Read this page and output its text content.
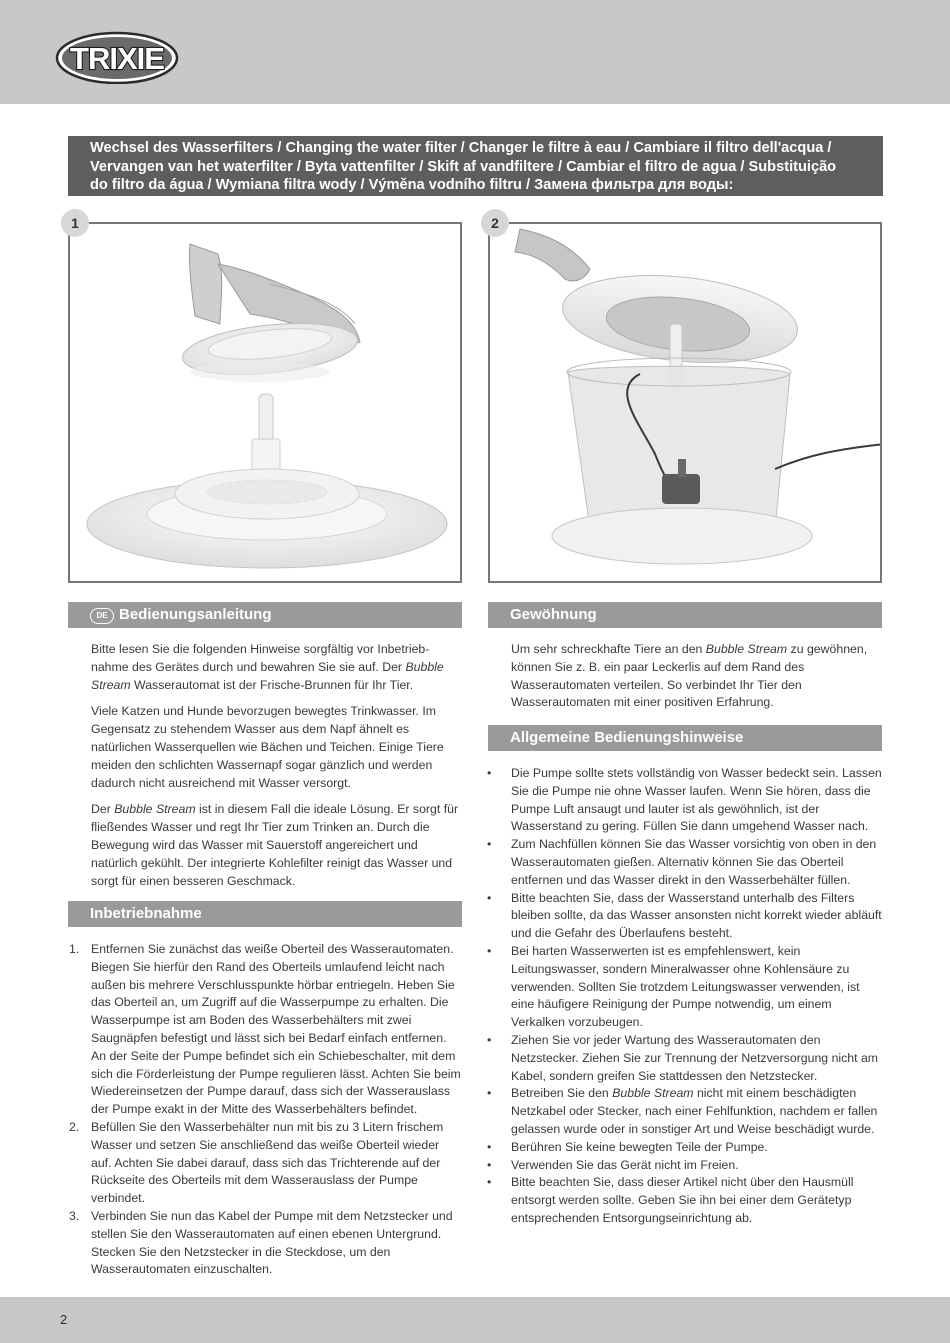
TRIXIE
Wechsel des Wasserfilters / Changing the water filter / Changer le filtre à eau / Cambiare il filtro dell'acqua /
Vervangen van het waterfilter / Byta vattenfilter / Skift af vandfiltere / Cambiar el filtro de agua / Substituição
do filtro da água / Wymiana filtra wody / Výměna vodního filtru / Замена фильтра для воды:
1	2
DE Bedienungsanleitung

Bitte lesen Sie die folgenden Hinweise sorgfältig vor Inbetrieb-
nahme des Gerätes durch und bewahren Sie sie auf. Der Bubble
Stream Wasserautomat ist der Frische-Brunnen für Ihr Tier.

Viele Katzen und Hunde bevorzugen bewegtes Trinkwasser. Im Gegensatz zu stehendem Wasser aus dem Napf ähnelt es natürlichen Wasserquellen wie Bächen und Teichen. Einige Tiere meiden den schlichten Wassernapf sogar gänzlich und werden dadurch nicht ausreichend mit Wasser versorgt.

Der Bubble Stream ist in diesem Fall die ideale Lösung. Er sorgt für fließendes Wasser und regt Ihr Tier zum Trinken an. Durch die Bewegung wird das Wasser mit Sauerstoff angereichert und natürlich gekühlt. Der integrierte Kohlefilter reinigt das Wasser und sorgt für einen besseren Geschmack.

Inbetriebnahme
1. Entfernen Sie zunächst das weiße Oberteil des Wasserautomaten. Biegen Sie hierfür den Rand des Oberteils umlaufend leicht nach außen bis mehrere Verschlusspunkte hörbar entriegeln. Heben Sie das Oberteil an, um Zugriff auf die Wasserpumpe zu erhalten. Die Wasserpumpe ist am Boden des Wasserbehälters mit zwei Saugnäpfen befestigt und lässt sich bei Bedarf einfach entfernen. An der Seite der Pumpe befindet sich ein Schiebeschalter, mit dem sich die Förderleistung der Pumpe regulieren lässt. Achten Sie beim Wiedereinsetzen der Pumpe darauf, dass sich der Wasserauslass der Pumpe exakt in der Mitte des Wasserbehälters befindet.
2. Befüllen Sie den Wasserbehälter nun mit bis zu 3 Litern frischem Wasser und setzen Sie anschließend das weiße Oberteil wieder auf. Achten Sie dabei darauf, dass sich das Trichterende auf der Rückseite des Oberteils mit dem Wasserauslass der Pumpe verbindet.
3. Verbinden Sie nun das Kabel der Pumpe mit dem Netzstecker und stellen Sie den Wasserautomaten auf einen ebenen Untergrund. Stecken Sie den Netzstecker in die Steckdose, um den Wasserautomaten einzuschalten.
Gewöhnung

Um sehr schreckhafte Tiere an den Bubble Stream zu gewöhnen, können Sie z. B. ein paar Leckerlis auf dem Rand des Wasserautomaten verteilen. So verbindet Ihr Tier den Wasserautomaten mit einer positiven Erfahrung.

Allgemeine Bedienungshinweise
• Die Pumpe sollte stets vollständig von Wasser bedeckt sein. Lassen Sie die Pumpe nie ohne Wasser laufen. Wenn Sie hören, dass die Pumpe Luft ansaugt und lauter ist als gewöhnlich, ist der Wasserstand zu gering. Füllen Sie dann umgehend Wasser nach.
• Zum Nachfüllen können Sie das Wasser vorsichtig von oben in den Wasserautomaten gießen. Alternativ können Sie das Oberteil entfernen und das Wasser direkt in den Wasserbehälter füllen.
• Bitte beachten Sie, dass der Wasserstand unterhalb des Filters bleiben sollte, da das Wasser ansonsten nicht korrekt wieder abläuft und die Gefahr des Überlaufens besteht.
• Bei harten Wasserwerten ist es empfehlenswert, kein Leitungswasser, sondern Mineralwasser ohne Kohlensäure zu verwenden. Sollten Sie trotzdem Leitungswasser verwenden, ist eine häufigere Reinigung der Pumpe notwendig, um einem Verkalken vorzubeugen.
• Ziehen Sie vor jeder Wartung des Wasserautomaten den Netzstecker. Ziehen Sie zur Trennung der Netzversorgung nicht am Kabel, sondern greifen Sie stattdessen den Netzstecker.
• Betreiben Sie den Bubble Stream nicht mit einem beschädigten Netzkabel oder Stecker, nach einer Fehlfunktion, nachdem er fallen gelassen wurde oder in sonstiger Art und Weise beschädigt wurde.
• Berühren Sie keine bewegten Teile der Pumpe.
• Verwenden Sie das Gerät nicht im Freien.
• Bitte beachten Sie, dass dieser Artikel nicht über den Hausmüll entsorgt werden sollte. Geben Sie ihn bei einer dem Gerätetyp entsprechenden Entsorgungseinrichtung ab.
2
